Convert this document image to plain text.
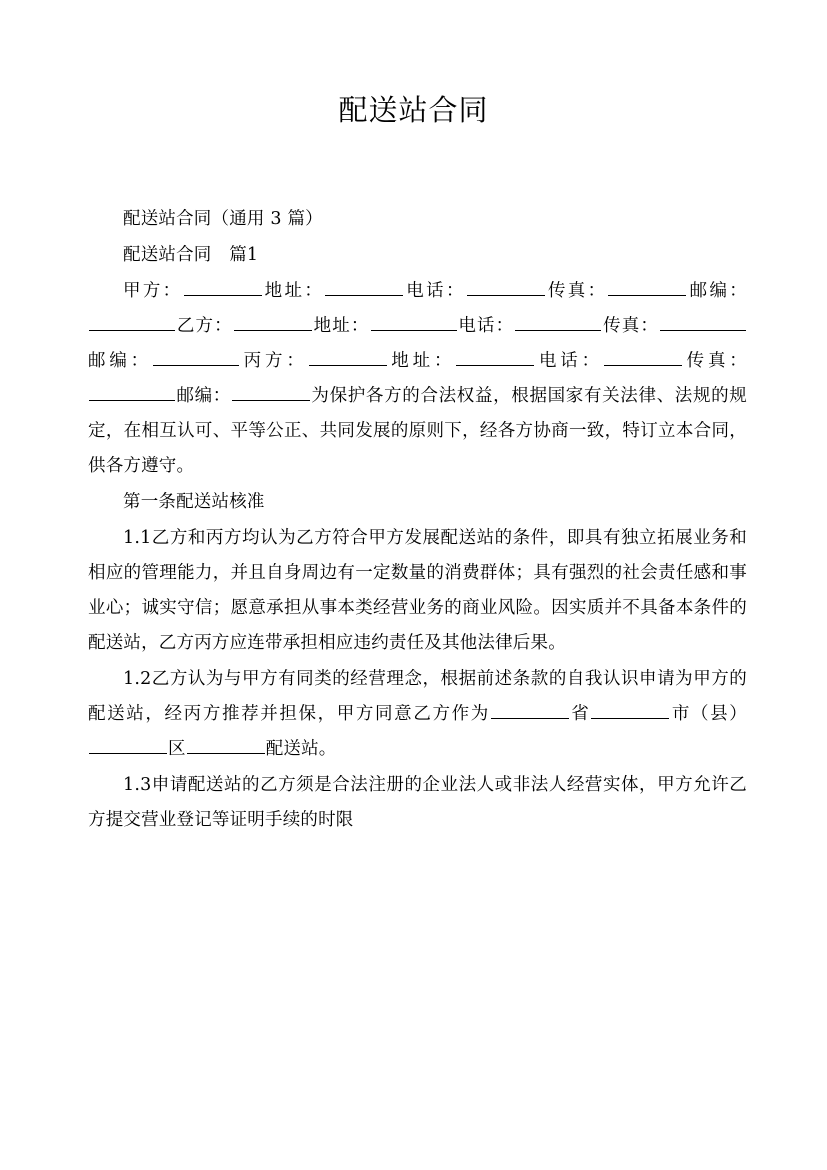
配送站合同

配送站合同（通用 3 篇）

配送站合同　篇1

甲方：	地址：	电话：	传真：	邮编：乙方：	地址：	电话：	传真：邮编：	丙方：	地址：	电话：	传真：邮编：	为保护各方的合法权益，根据国家有关法律、法规的规定，在相互认可、平等公正、共同发展的原则下，经各方协商一致，特订立本合同，供各方遵守。

第一条配送站核准

1.1乙方和丙方均认为乙方符合甲方发展配送站的条件，即具有独立拓展业务和相应的管理能力，并且自身周边有一定数量的消费群体；具有强烈的社会责任感和事业心；诚实守信；愿意承担从事本类经营业务的商业风险。因实质并不具备本条件的配送站，乙方丙方应连带承担相应违约责任及其他法律后果。

1.2乙方认为与甲方有同类的经营理念，根据前述条款的自我认识申请为甲方的配送站，经丙方推荐并担保，甲方同意乙方作为	省	市（县）区	配送站。

1.3申请配送站的乙方须是合法注册的企业法人或非法人经营实体，甲方允许乙方提交营业登记等证明手续的时限
